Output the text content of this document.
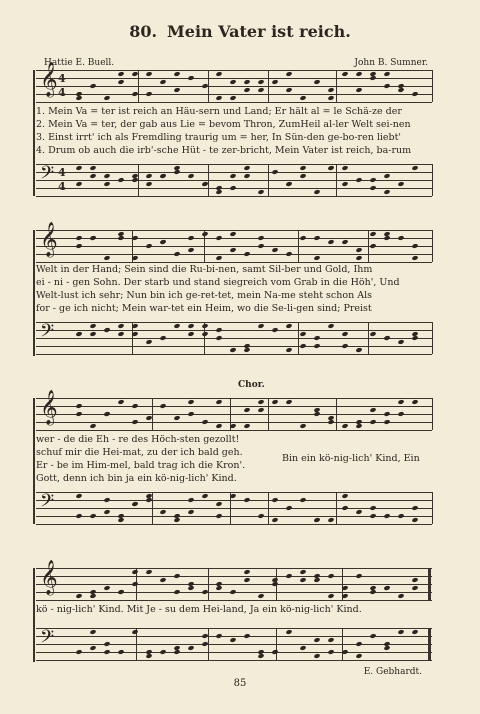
80. Mein Vater ist reich.
Hattie E. Buell.	John B. Sumner.
𝄞 4
4
1. Mein Va = ter ist reich an Häu-sern und Land; Er hält al = le Schä-ze der
2. Mein Va = ter, der gab aus Lie = bevom Thron, ZumHeil al-ler Welt sei-nen
3. Einst irrt' ich als Fremdling traurig um = her, In Sün-den ge-bo-ren liebt'
4. Drum ob auch die irb'-sche Hüt - te zer-bricht, Mein Vater ist reich, ba-rum
𝄢 4
4
𝄞
Welt in der Hand; Sein sind die Ru-bi-nen, samt Sil-ber und Gold, Ihm
ei - ni - gen Sohn. Der starb und stand siegreich vom Grab in die Höh', Und
Welt-lust ich sehr; Nun bin ich ge-ret-tet, mein Na-me steht schon Als
for - ge ich nicht; Mein war-tet ein Heim, wo die Se-li-gen sind; Preist
𝄢
Chor.
𝄞
wer - de die Eh - re des Höch-sten gezollt!
schuf mir die Hei-mat, zu der ich bald geh.
Er - be im Him-mel, bald trag ich die Kron'.
Gott, denn ich bin ja ein kö-nig-lich' Kind.
Bin ein kö-nig-lich' Kind, Ein
𝄢
𝄞
kö - nig-lich' Kind. Mit Je - su dem Hei-land, Ja ein kö-nig-lich' Kind.
𝄢
E. Gebhardt.
85
